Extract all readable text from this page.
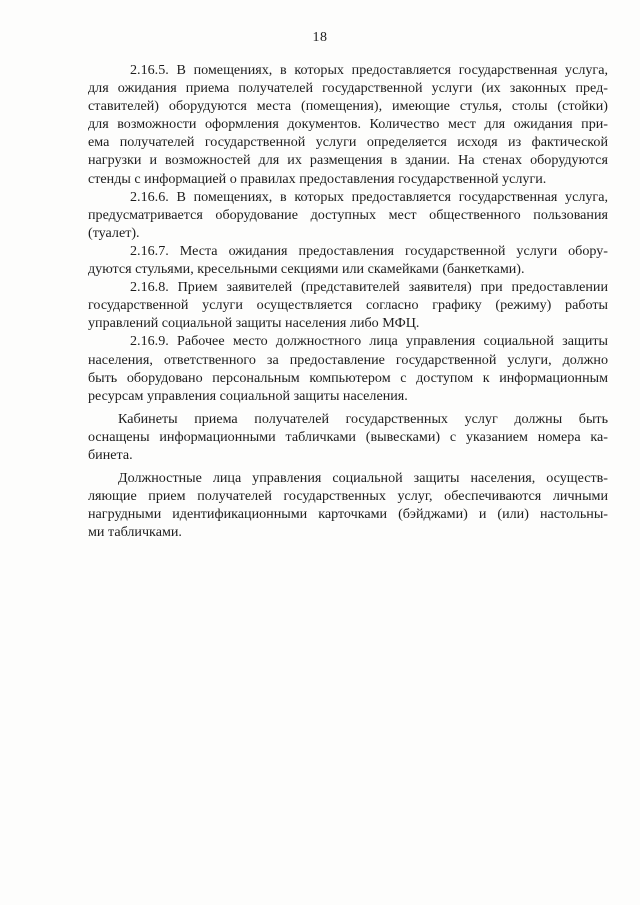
18
2.16.5. В помещениях, в которых предоставляется государственная услуга,
для ожидания приема получателей государственной услуги (их законных пред-
ставителей) оборудуются места (помещения), имеющие стулья, столы (стойки)
для возможности оформления документов. Количество мест для ожидания при-
ема получателей государственной услуги определяется исходя из фактической
нагрузки и возможностей для их размещения в здании. На стенах оборудуются
стенды с информацией о правилах предоставления государственной услуги.
2.16.6. В помещениях, в которых предоставляется государственная услуга,
предусматривается оборудование доступных мест общественного пользования
(туалет).
2.16.7. Места ожидания предоставления государственной услуги обору-
дуются стульями, кресельными секциями или скамейками (банкетками).
2.16.8. Прием заявителей (представителей заявителя) при предоставлении
государственной услуги осуществляется согласно графику (режиму) работы
управлений социальной защиты населения либо МФЦ.
2.16.9. Рабочее место должностного лица управления социальной защиты
населения, ответственного за предоставление государственной услуги, должно
быть оборудовано персональным компьютером с доступом к информационным
ресурсам управления социальной защиты населения.
Кабинеты приема получателей государственных услуг должны быть
оснащены информационными табличками (вывесками) с указанием номера ка-
бинета.
Должностные лица управления социальной защиты населения, осуществ-
ляющие прием получателей государственных услуг, обеспечиваются личными
нагрудными идентификационными карточками (бэйджами) и (или) настольны-
ми табличками.
